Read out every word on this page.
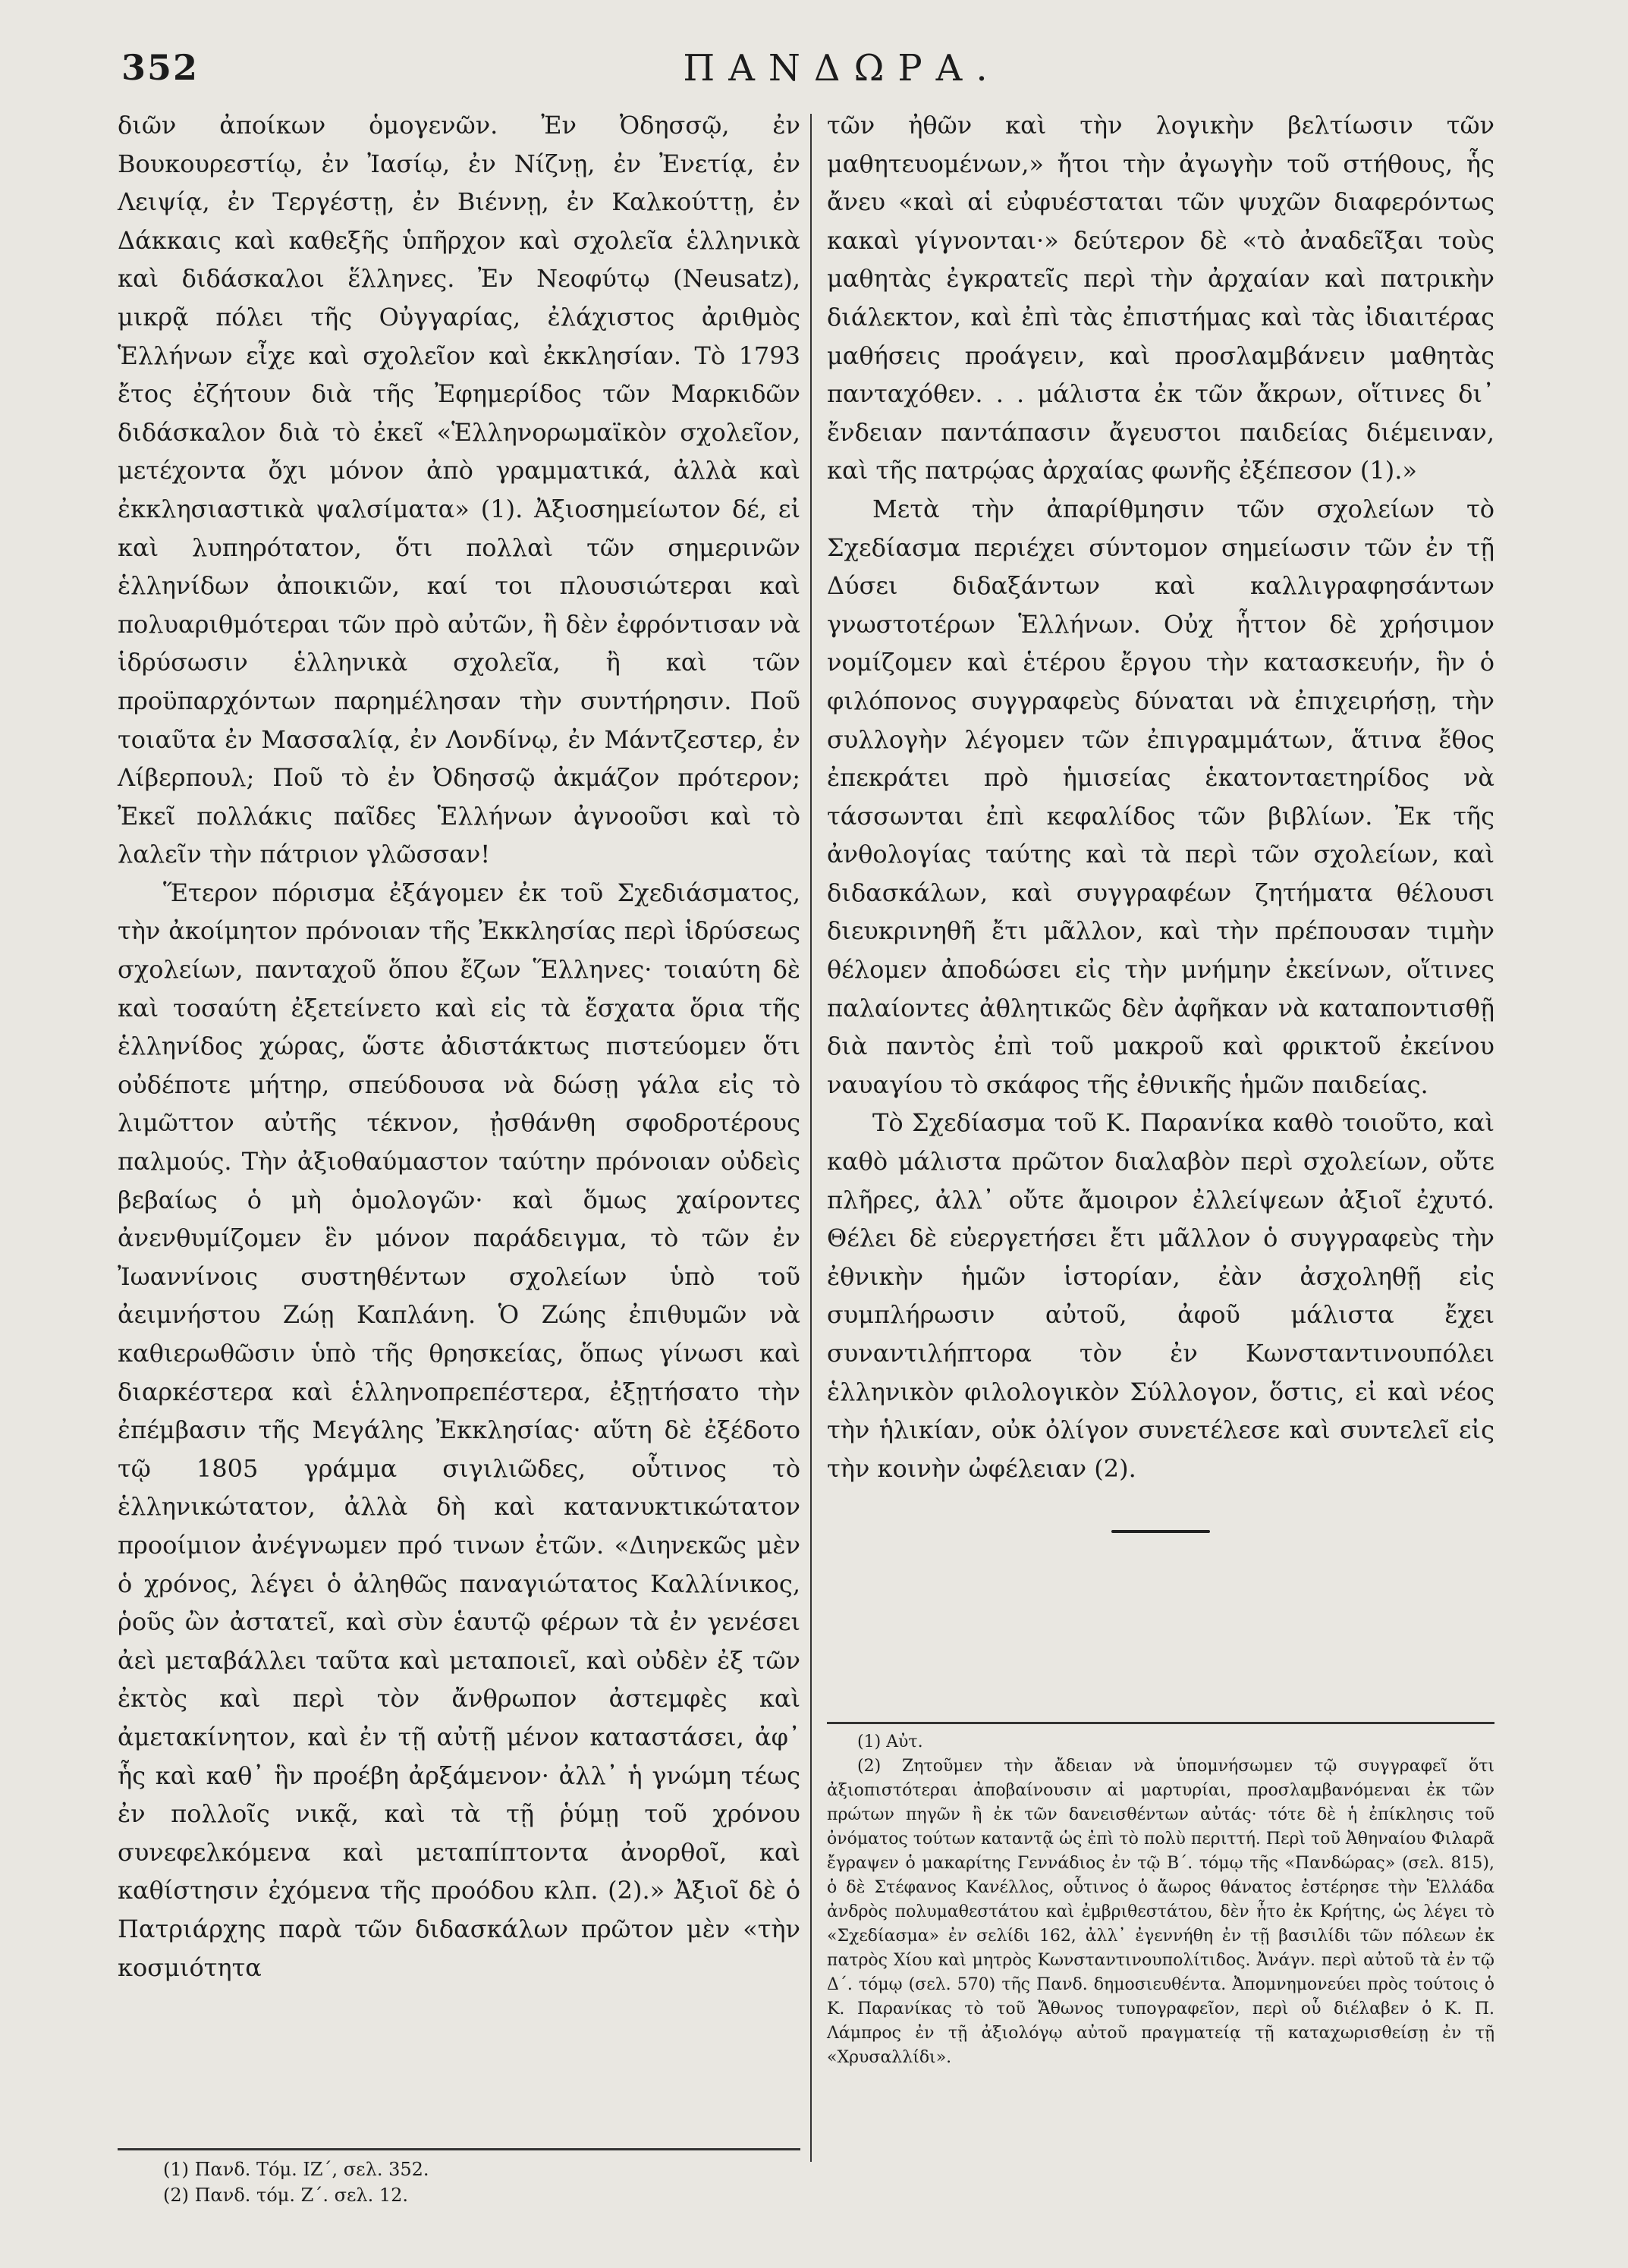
352	ΠΑΝΔΩΡΑ.

διῶν ἀποίκων ὁμογενῶν. Ἐν Ὀδησσῷ, ἐν Βουκουρεστίῳ, ἐν Ἰασίῳ, ἐν Νίζνῃ, ἐν Ἐνετίᾳ, ἐν Λειψίᾳ, ἐν Τεργέστῃ, ἐν Βιέννῃ, ἐν Καλκούττῃ, ἐν Δάκκαις καὶ καθεξῆς ὑπῆρχον καὶ σχολεῖα ἑλληνικὰ καὶ διδάσκαλοι ἕλληνες. Ἐν Νεοφύτῳ (Neusatz), μικρᾷ πόλει τῆς Οὐγγαρίας, ἐλάχιστος ἀριθμὸς Ἑλλήνων εἶχε καὶ σχολεῖον καὶ ἐκκλησίαν. Τὸ 1793 ἔτος ἐζήτουν διὰ τῆς Ἐφημερίδος τῶν Μαρκιδῶν διδάσκαλον διὰ τὸ ἐκεῖ «Ἑλληνορωμαϊκὸν σχολεῖον, μετέχοντα ὄχι μόνον ἀπὸ γραμματικά, ἀλλὰ καὶ ἐκκλησιαστικὰ ψαλσίματα» (1). Ἀξιοσημείωτον δέ, εἰ καὶ λυπηρότατον, ὅτι πολλαὶ τῶν σημερινῶν ἑλληνίδων ἀποικιῶν, καί τοι πλουσιώτεραι καὶ πολυαριθμότεραι τῶν πρὸ αὐτῶν, ἢ δὲν ἐφρόντισαν νὰ ἱδρύσωσιν ἑλληνικὰ σχολεῖα, ἢ καὶ τῶν προϋπαρχόντων παρημέλησαν τὴν συντήρησιν. Ποῦ τοιαῦτα ἐν Μασσαλίᾳ, ἐν Λονδίνῳ, ἐν Μάντζεστερ, ἐν Λίβερπουλ; Ποῦ τὸ ἐν Ὀδησσῷ ἀκμάζον πρότερον; Ἐκεῖ πολλάκις παῖδες Ἑλλήνων ἀγνοοῦσι καὶ τὸ λαλεῖν τὴν πάτριον γλῶσσαν!

Ἕτερον πόρισμα ἐξάγομεν ἐκ τοῦ Σχεδιάσματος, τὴν ἀκοίμητον πρόνοιαν τῆς Ἐκκλησίας περὶ ἱδρύσεως σχολείων, πανταχοῦ ὅπου ἔζων Ἕλληνες· τοιαύτη δὲ καὶ τοσαύτη ἐξετείνετο καὶ εἰς τὰ ἔσχατα ὅρια τῆς ἑλληνίδος χώρας, ὥστε ἀδιστάκτως πιστεύομεν ὅτι οὐδέποτε μήτηρ, σπεύδουσα νὰ δώσῃ γάλα εἰς τὸ λιμῶττον αὐτῆς τέκνον, ᾐσθάνθη σφοδροτέρους παλμούς. Τὴν ἀξιοθαύμαστον ταύτην πρόνοιαν οὐδεὶς βεβαίως ὁ μὴ ὁμολογῶν· καὶ ὅμως χαίροντες ἀνενθυμίζομεν ἓν μόνον παράδειγμα, τὸ τῶν ἐν Ἰωαννίνοις συστηθέντων σχολείων ὑπὸ τοῦ ἀειμνήστου Ζώῃ Καπλάνη. Ὁ Ζώης ἐπιθυμῶν νὰ καθιερωθῶσιν ὑπὸ τῆς θρησκείας, ὅπως γίνωσι καὶ διαρκέστερα καὶ ἑλληνοπρεπέστερα, ἐξῃτήσατο τὴν ἐπέμβασιν τῆς Μεγάλης Ἐκκλησίας· αὕτη δὲ ἐξέδοτο τῷ 1805 γράμμα σιγιλιῶδες, οὗτινος τὸ ἑλληνικώτατον, ἀλλὰ δὴ καὶ κατανυκτικώτατον προοίμιον ἀνέγνωμεν πρό τινων ἐτῶν. «Διηνεκῶς μὲν ὁ χρόνος, λέγει ὁ ἀληθῶς παναγιώτατος Καλλίνικος, ῥοῦς ὢν ἀστατεῖ, καὶ σὺν ἑαυτῷ φέρων τὰ ἐν γενέσει ἀεὶ μεταβάλλει ταῦτα καὶ μεταποιεῖ, καὶ οὐδὲν ἐξ τῶν ἐκτὸς καὶ περὶ τὸν ἄνθρωπον ἀστεμφὲς καὶ ἀμετακίνητον, καὶ ἐν τῇ αὐτῇ μένον καταστάσει, ἀφ᾽ ἧς καὶ καθ᾽ ἣν προέβη ἀρξάμενον· ἀλλ᾽ ἡ γνώμη τέως ἐν πολλοῖς νικᾷ, καὶ τὰ τῇ ῥύμῃ τοῦ χρόνου συνεφελκόμενα καὶ μεταπίπτοντα ἀνορθοῖ, καὶ καθίστησιν ἐχόμενα τῆς προόδου κλπ. (2).» Ἀξιοῖ δὲ ὁ Πατριάρχης παρὰ τῶν διδασκάλων πρῶτον μὲν «τὴν κοσμιότητα

τῶν ἠθῶν καὶ τὴν λογικὴν βελτίωσιν τῶν μαθητευομένων,» ἤτοι τὴν ἀγωγὴν τοῦ στήθους, ἧς ἄνευ «καὶ αἱ εὐφυέσταται τῶν ψυχῶν διαφερόντως κακαὶ γίγνονται·» δεύτερον δὲ «τὸ ἀναδεῖξαι τοὺς μαθητὰς ἐγκρατεῖς περὶ τὴν ἀρχαίαν καὶ πατρικὴν διάλεκτον, καὶ ἐπὶ τὰς ἐπιστήμας καὶ τὰς ἰδιαιτέρας μαθήσεις προάγειν, καὶ προσλαμβάνειν μαθητὰς πανταχόθεν. . . μάλιστα ἐκ τῶν ἄκρων, οἵτινες δι᾽ ἔνδειαν παντάπασιν ἄγευστοι παιδείας διέμειναν, καὶ τῆς πατρῴας ἀρχαίας φωνῆς ἐξέπεσον (1).»

Μετὰ τὴν ἀπαρίθμησιν τῶν σχολείων τὸ Σχεδίασμα περιέχει σύντομον σημείωσιν τῶν ἐν τῇ Δύσει διδαξάντων καὶ καλλιγραφησάντων γνωστοτέρων Ἑλλήνων. Οὐχ ἧττον δὲ χρήσιμον νομίζομεν καὶ ἑτέρου ἔργου τὴν κατασκευήν, ἣν ὁ φιλόπονος συγγραφεὺς δύναται νὰ ἐπιχειρήσῃ, τὴν συλλογὴν λέγομεν τῶν ἐπιγραμμάτων, ἅτινα ἔθος ἐπεκράτει πρὸ ἡμισείας ἑκατονταετηρίδος νὰ τάσσωνται ἐπὶ κεφαλίδος τῶν βιβλίων. Ἐκ τῆς ἀνθολογίας ταύτης καὶ τὰ περὶ τῶν σχολείων, καὶ διδασκάλων, καὶ συγγραφέων ζητήματα θέλουσι διευκρινηθῆ ἔτι μᾶλλον, καὶ τὴν πρέπουσαν τιμὴν θέλομεν ἀποδώσει εἰς τὴν μνήμην ἐκείνων, οἵτινες παλαίοντες ἀθλητικῶς δὲν ἀφῆκαν νὰ καταποντισθῇ διὰ παντὸς ἐπὶ τοῦ μακροῦ καὶ φρικτοῦ ἐκείνου ναυαγίου τὸ σκάφος τῆς ἐθνικῆς ἡμῶν παιδείας.

Τὸ Σχεδίασμα τοῦ Κ. Παρανίκα καθὸ τοιοῦτο, καὶ καθὸ μάλιστα πρῶτον διαλαβὸν περὶ σχολείων, οὔτε πλῆρες, ἀλλ᾽ οὔτε ἄμοιρον ἐλλείψεων ἀξιοῖ ἐχυτό. Θέλει δὲ εὐεργετήσει ἔτι μᾶλλον ὁ συγγραφεὺς τὴν ἐθνικὴν ἡμῶν ἱστορίαν, ἐὰν ἀσχοληθῇ εἰς συμπλήρωσιν αὐτοῦ, ἀφοῦ μάλιστα ἔχει συναντιλήπτορα τὸν ἐν Κωνσταντινουπόλει ἑλληνικὸν φιλολογικὸν Σύλλογον, ὅστις, εἰ καὶ νέος τὴν ἡλικίαν, οὐκ ὀλίγον συνετέλεσε καὶ συντελεῖ εἰς τὴν κοινὴν ὠφέλειαν (2).

(1) Πανδ. Τόμ. ΙΖ΄, σελ. 352.

(2) Πανδ. τόμ. Ζ΄. σελ. 12.

(1) Αὐτ.

(2) Ζητοῦμεν τὴν ἄδειαν νὰ ὑπομνήσωμεν τῷ συγγραφεῖ ὅτι ἀξιοπιστότεραι ἀποβαίνουσιν αἱ μαρτυρίαι, προσλαμβανόμεναι ἐκ τῶν πρώτων πηγῶν ἢ ἐκ τῶν δανεισθέντων αὐτάς· τότε δὲ ἡ ἐπίκλησις τοῦ ὀνόματος τούτων καταντᾷ ὡς ἐπὶ τὸ πολὺ περιττή. Περὶ τοῦ Ἀθηναίου Φιλαρᾶ ἔγραψεν ὁ μακαρίτης Γεννάδιος ἐν τῷ Β΄. τόμῳ τῆς «Πανδώρας» (σελ. 815), ὁ δὲ Στέφανος Κανέλλος, οὗτινος ὁ ἄωρος θάνατος ἐστέρησε τὴν Ἑλλάδα ἀνδρὸς πολυμαθεστάτου καὶ ἐμβριθεστάτου, δὲν ἦτο ἐκ Κρήτης, ὡς λέγει τὸ «Σχεδίασμα» ἐν σελίδι 162, ἀλλ᾽ ἐγεννήθη ἐν τῇ βασιλίδι τῶν πόλεων ἐκ πατρὸς Χίου καὶ μητρὸς Κωνσταντινουπολίτιδος. Ἀνάγν. περὶ αὐτοῦ τὰ ἐν τῷ Δ΄. τόμῳ (σελ. 570) τῆς Πανδ. δημοσιευθέντα. Ἀπομνημονεύει πρὸς τούτοις ὁ Κ. Παρανίκας τὸ τοῦ Ἄθωνος τυπογραφεῖον, περὶ οὗ διέλαβεν ὁ Κ. Π. Λάμπρος ἐν τῇ ἀξιολόγῳ αὐτοῦ πραγματείᾳ τῇ καταχωρισθείσῃ ἐν τῇ «Χρυσαλλίδι».
